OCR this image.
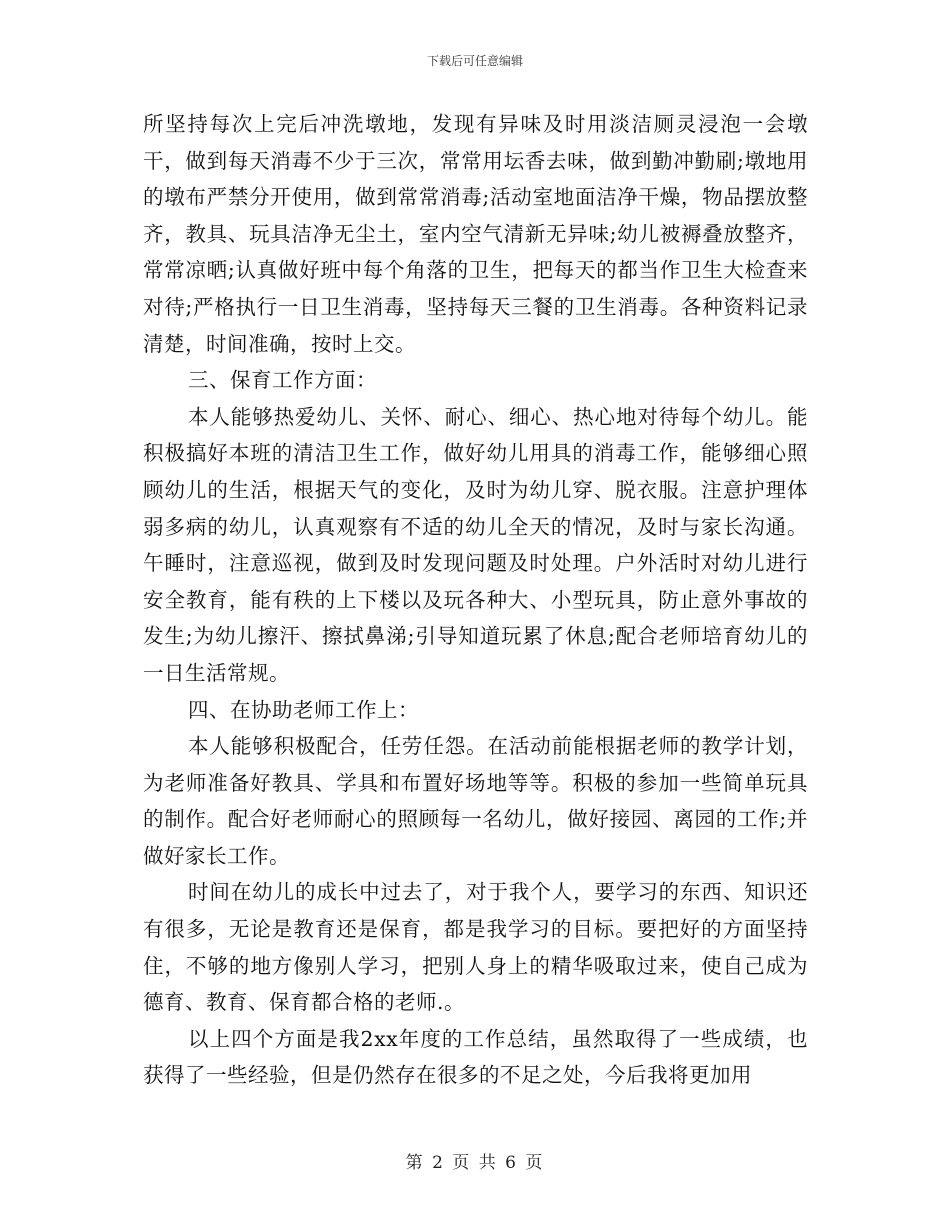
下载后可任意编辑

所坚持每次上完后冲洗墩地，发现有异味及时用淡洁厕灵浸泡一会墩干，做到每天消毒不少于三次，常常用坛香去味，做到勤冲勤刷;墩地用的墩布严禁分开使用，做到常常消毒;活动室地面洁净干燥，物品摆放整齐，教具、玩具洁净无尘土，室内空气清新无异味;幼儿被褥叠放整齐，常常凉晒;认真做好班中每个角落的卫生，把每天的都当作卫生大检查来对待;严格执行一日卫生消毒，坚持每天三餐的卫生消毒。各种资料记录清楚，时间准确，按时上交。

三、保育工作方面：

本人能够热爱幼儿、关怀、耐心、细心、热心地对待每个幼儿。能积极搞好本班的清洁卫生工作，做好幼儿用具的消毒工作，能够细心照顾幼儿的生活，根据天气的变化，及时为幼儿穿、脱衣服。注意护理体弱多病的幼儿，认真观察有不适的幼儿全天的情况，及时与家长沟通。午睡时，注意巡视，做到及时发现问题及时处理。户外活时对幼儿进行安全教育，能有秩的上下楼以及玩各种大、小型玩具，防止意外事故的发生;为幼儿擦汗、擦拭鼻涕;引导知道玩累了休息;配合老师培育幼儿的一日生活常规。

四、在协助老师工作上：

本人能够积极配合，任劳任怨。在活动前能根据老师的教学计划，为老师准备好教具、学具和布置好场地等等。积极的参加一些简单玩具的制作。配合好老师耐心的照顾每一名幼儿，做好接园、离园的工作;并做好家长工作。

时间在幼儿的成长中过去了，对于我个人，要学习的东西、知识还有很多，无论是教育还是保育，都是我学习的目标。要把好的方面坚持住，不够的地方像别人学习，把别人身上的精华吸取过来，使自己成为德育、教育、保育都合格的老师.。

以上四个方面是我2xx年度的工作总结，虽然取得了一些成绩，也获得了一些经验，但是仍然存在很多的不足之处，今后我将更加用

第 2 页 共 6 页
